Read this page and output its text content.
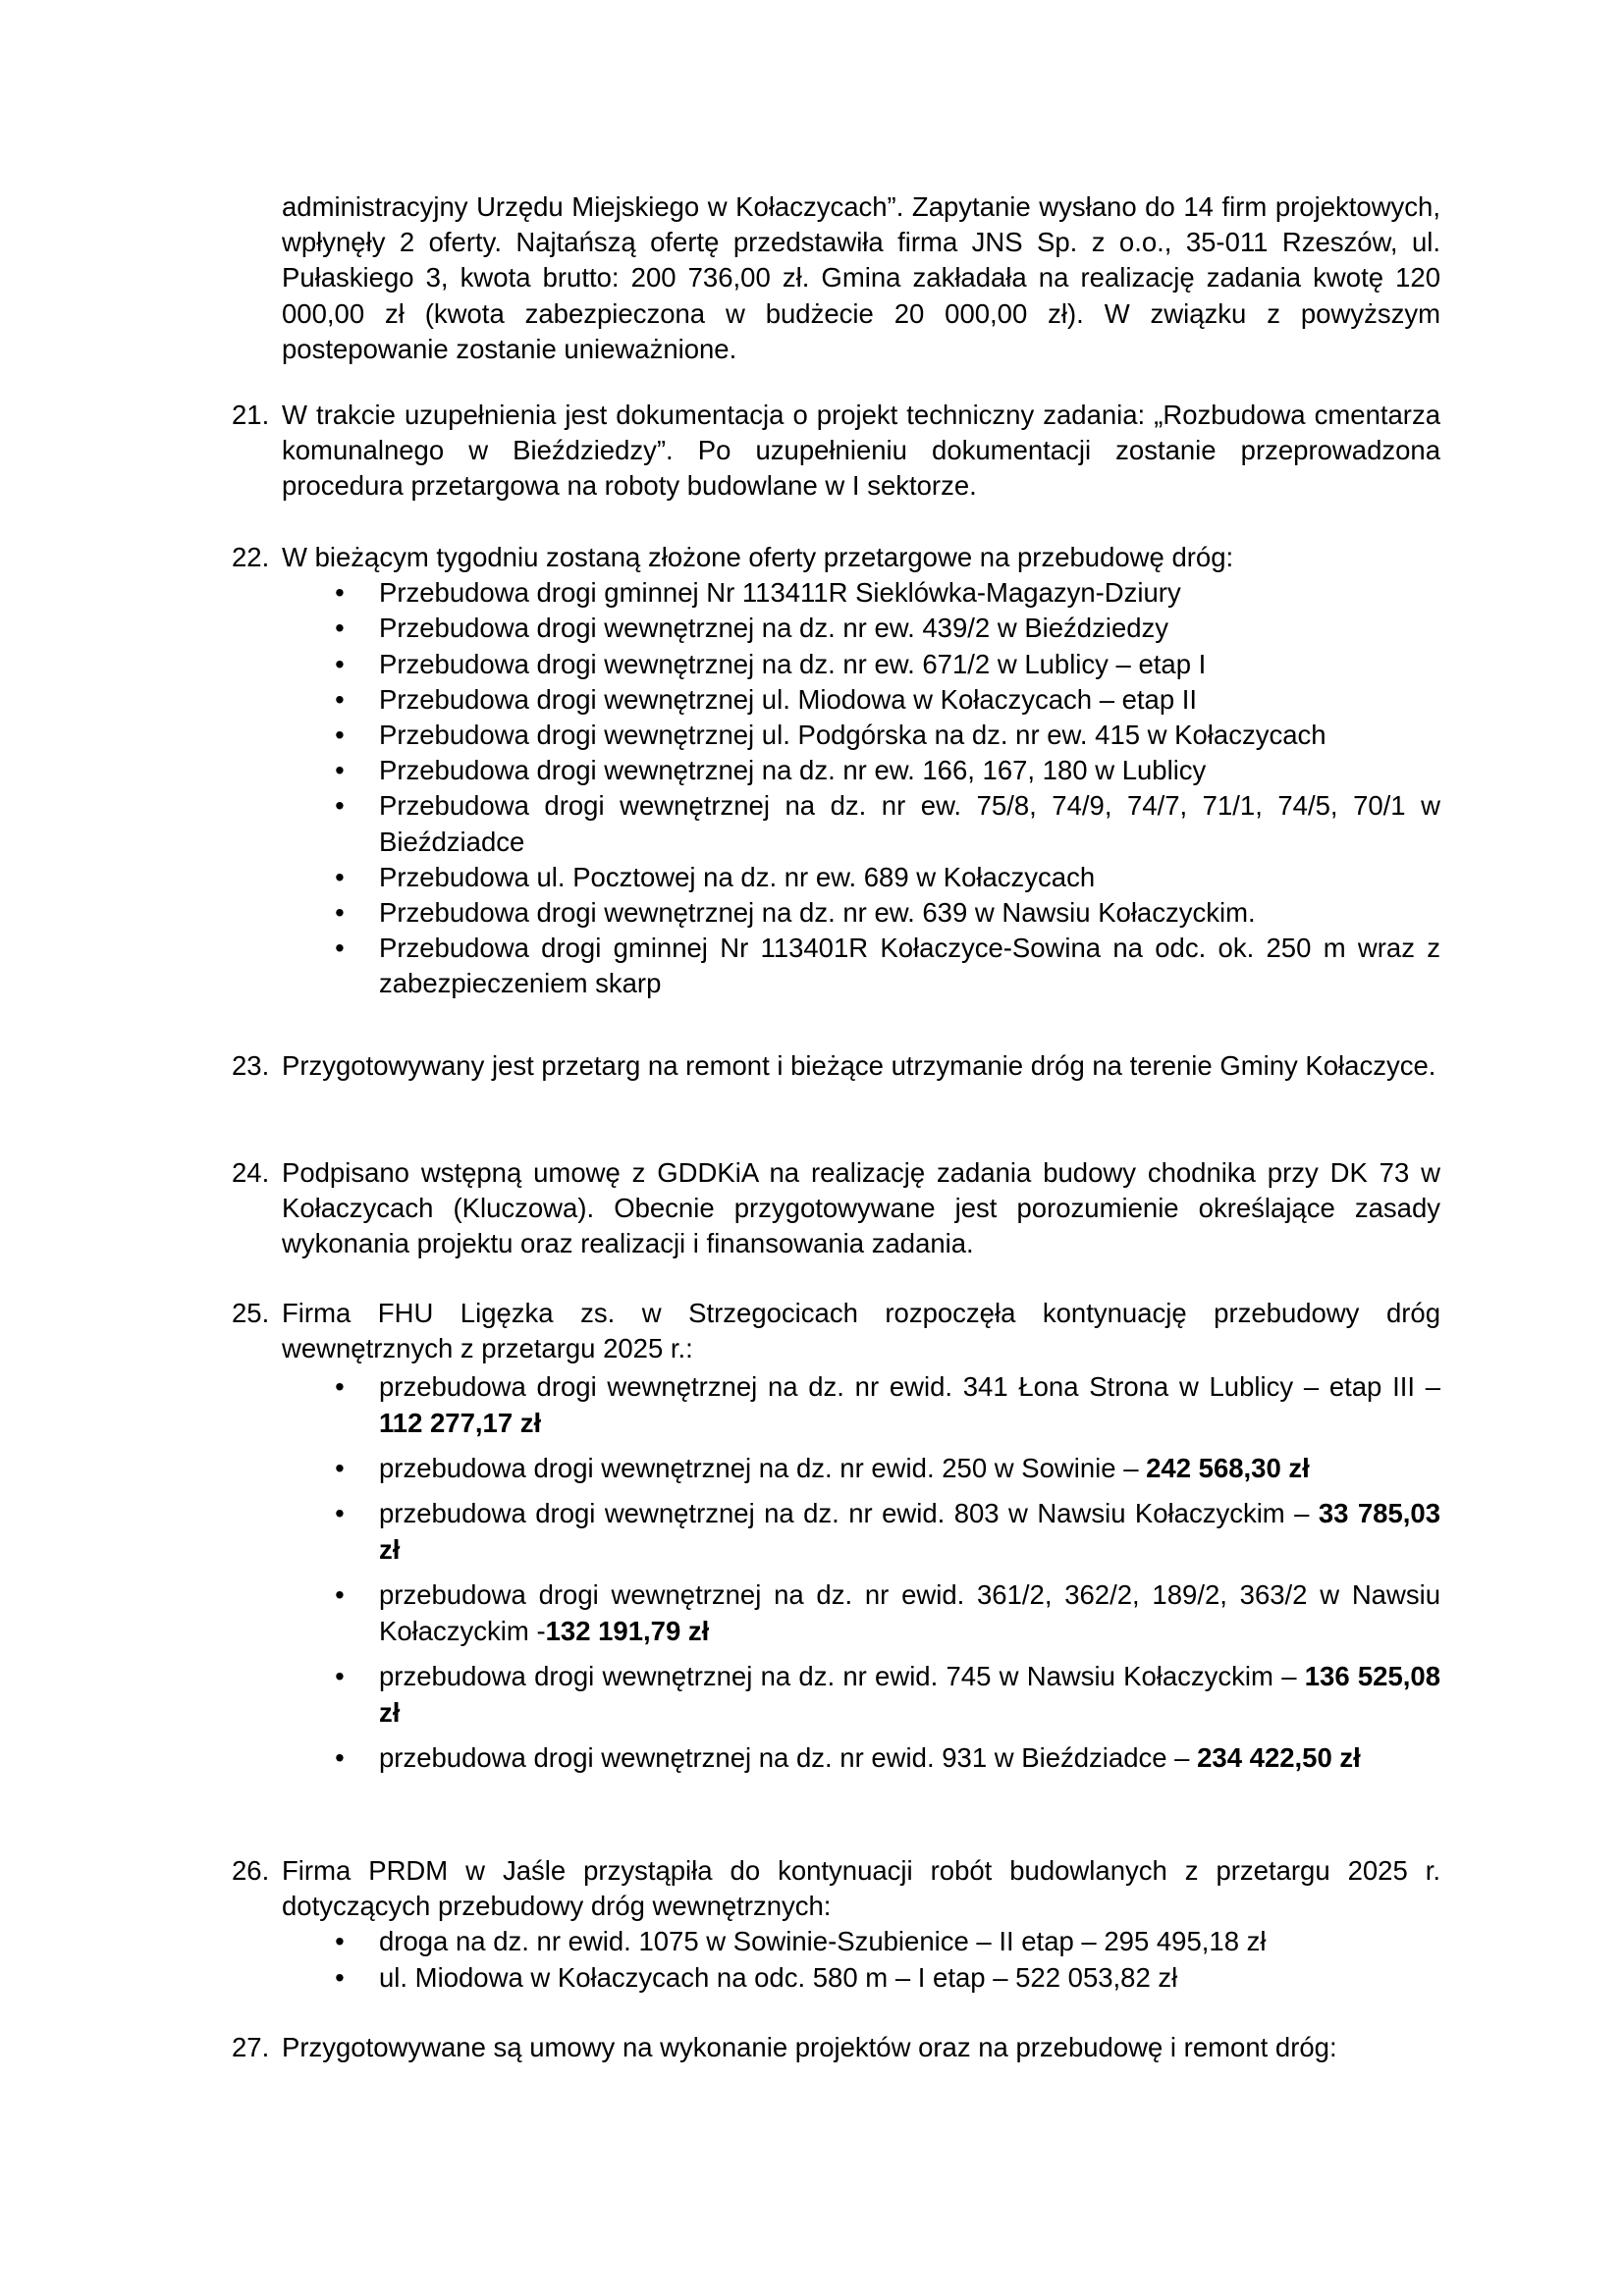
administracyjny Urzędu Miejskiego w Kołaczycach”. Zapytanie wysłano do 14 firm projektowych, wpłynęły 2 oferty. Najtańszą ofertę przedstawiła firma JNS Sp. z o.o., 35-011 Rzeszów, ul. Pułaskiego 3, kwota brutto: 200 736,00 zł. Gmina zakładała na realizację zadania kwotę 120 000,00 zł (kwota zabezpieczona w budżecie 20 000,00 zł). W związku z powyższym postepowanie zostanie unieważnione.

21. W trakcie uzupełnienia jest dokumentacja o projekt techniczny zadania: „Rozbudowa cmentarza komunalnego w Bieździedzy”. Po uzupełnieniu dokumentacji zostanie przeprowadzona procedura przetargowa na roboty budowlane w I sektorze.

22. W bieżącym tygodniu zostaną złożone oferty przetargowe na przebudowę dróg:

• Przebudowa drogi gminnej Nr 113411R Sieklówka-Magazyn-Dziury
• Przebudowa drogi wewnętrznej na dz. nr ew. 439/2 w Bieździedzy
• Przebudowa drogi wewnętrznej na dz. nr ew. 671/2 w Lublicy – etap I
• Przebudowa drogi wewnętrznej ul. Miodowa w Kołaczycach – etap II
• Przebudowa drogi wewnętrznej ul. Podgórska na dz. nr ew. 415 w Kołaczycach
• Przebudowa drogi wewnętrznej na dz. nr ew. 166, 167, 180 w Lublicy
• Przebudowa drogi wewnętrznej na dz. nr ew. 75/8, 74/9, 74/7, 71/1, 74/5, 70/1 w Bieździadce
• Przebudowa ul. Pocztowej na dz. nr ew. 689 w Kołaczycach
• Przebudowa drogi wewnętrznej na dz. nr ew. 639 w Nawsiu Kołaczyckim.
• Przebudowa drogi gminnej Nr 113401R Kołaczyce-Sowina na odc. ok. 250 m wraz z zabezpieczeniem skarp
23. Przygotowywany jest przetarg na remont i bieżące utrzymanie dróg na terenie Gminy Kołaczyce.

24. Podpisano wstępną umowę z GDDKiA na realizację zadania budowy chodnika przy DK 73 w Kołaczycach (Kluczowa). Obecnie przygotowywane jest porozumienie określające zasady wykonania projektu oraz realizacji i finansowania zadania.

25. Firma FHU Ligęzka zs. w Strzegocicach rozpoczęła kontynuację przebudowy dróg wewnętrznych z przetargu 2025 r.:

• przebudowa drogi wewnętrznej na dz. nr ewid. 341 Łona Strona w Lublicy – etap III – 112 277,17 zł
• przebudowa drogi wewnętrznej na dz. nr ewid. 250 w Sowinie – 242 568,30 zł
• przebudowa drogi wewnętrznej na dz. nr ewid. 803 w Nawsiu Kołaczyckim – 33 785,03 zł
• przebudowa drogi wewnętrznej na dz. nr ewid. 361/2, 362/2, 189/2, 363/2 w Nawsiu Kołaczyckim -132 191,79 zł
• przebudowa drogi wewnętrznej na dz. nr ewid. 745 w Nawsiu Kołaczyckim – 136 525,08 zł
• przebudowa drogi wewnętrznej na dz. nr ewid. 931 w Bieździadce – 234 422,50 zł
26. Firma PRDM w Jaśle przystąpiła do kontynuacji robót budowlanych z przetargu 2025 r. dotyczących przebudowy dróg wewnętrznych:

• droga na dz. nr ewid. 1075 w Sowinie-Szubienice – II etap – 295 495,18 zł
• ul. Miodowa w Kołaczycach na odc. 580 m – I etap – 522 053,82 zł
27. Przygotowywane są umowy na wykonanie projektów oraz na przebudowę i remont dróg:
